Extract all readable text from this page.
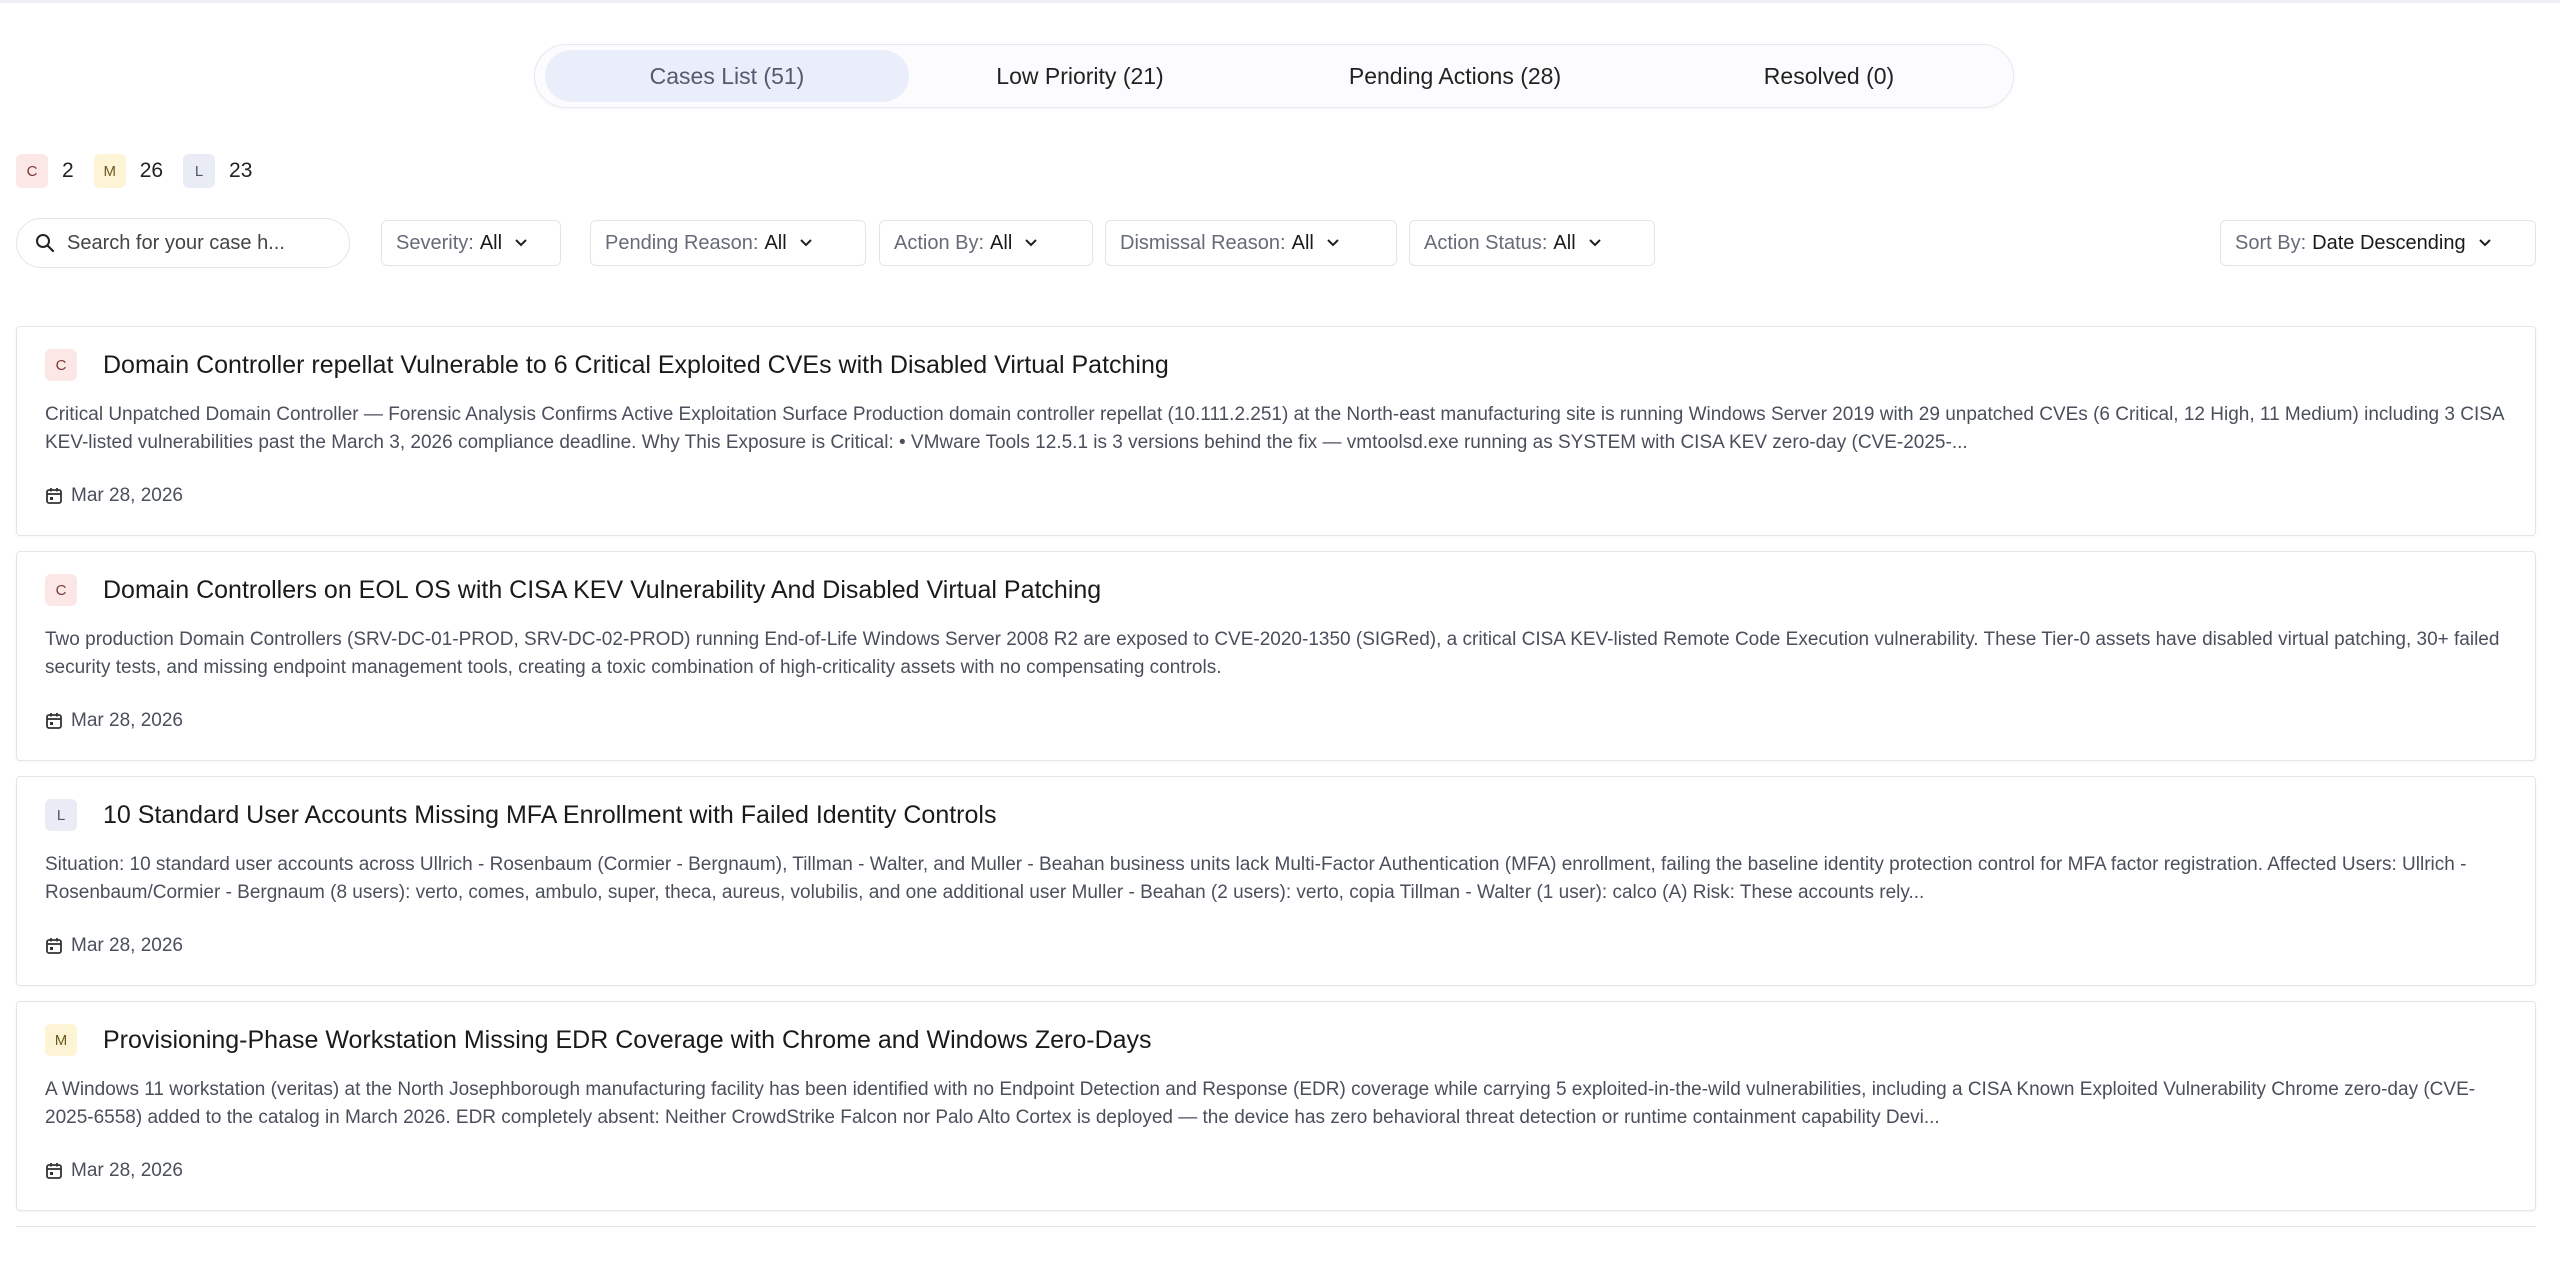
Cases List (51)	Low Priority (21)	Pending Actions (28)	Resolved (0)
C	2	M	26	L	23
Search for your case h...
Severity: All	Pending Reason: All	Action By: All	Dismissal Reason: All	Action Status: All	Sort By: Date Descending
C	Domain Controller repellat Vulnerable to 6 Critical Exploited CVEs with Disabled Virtual Patching
Critical Unpatched Domain Controller — Forensic Analysis Confirms Active Exploitation Surface Production domain controller repellat (10.111.2.251) at the North-east manufacturing site is running Windows Server 2019 with 29 unpatched CVEs (6 Critical, 12 High, 11 Medium) including 3 CISA KEV-listed vulnerabilities past the March 3, 2026 compliance deadline. Why This Exposure is Critical: • VMware Tools 12.5.1 is 3 versions behind the fix — vmtoolsd.exe running as SYSTEM with CISA KEV zero-day (CVE-2025-...
Mar 28, 2026
C	Domain Controllers on EOL OS with CISA KEV Vulnerability And Disabled Virtual Patching
Two production Domain Controllers (SRV-DC-01-PROD, SRV-DC-02-PROD) running End-of-Life Windows Server 2008 R2 are exposed to CVE-2020-1350 (SIGRed), a critical CISA KEV-listed Remote Code Execution vulnerability. These Tier-0 assets have disabled virtual patching, 30+ failed security tests, and missing endpoint management tools, creating a toxic combination of high-criticality assets with no compensating controls.
Mar 28, 2026
L	10 Standard User Accounts Missing MFA Enrollment with Failed Identity Controls
Situation: 10 standard user accounts across Ullrich - Rosenbaum (Cormier - Bergnaum), Tillman - Walter, and Muller - Beahan business units lack Multi-Factor Authentication (MFA) enrollment, failing the baseline identity protection control for MFA factor registration. Affected Users: Ullrich - Rosenbaum/Cormier - Bergnaum (8 users): verto, comes, ambulo, super, theca, aureus, volubilis, and one additional user Muller - Beahan (2 users): verto, copia Tillman - Walter (1 user): calco (A) Risk: These accounts rely...
Mar 28, 2026
M	Provisioning-Phase Workstation Missing EDR Coverage with Chrome and Windows Zero-Days
A Windows 11 workstation (veritas) at the North Josephborough manufacturing facility has been identified with no Endpoint Detection and Response (EDR) coverage while carrying 5 exploited-in-the-wild vulnerabilities, including a CISA Known Exploited Vulnerability Chrome zero-day (CVE-2025-6558) added to the catalog in March 2026. EDR completely absent: Neither CrowdStrike Falcon nor Palo Alto Cortex is deployed — the device has zero behavioral threat detection or runtime containment capability Devi...
Mar 28, 2026
